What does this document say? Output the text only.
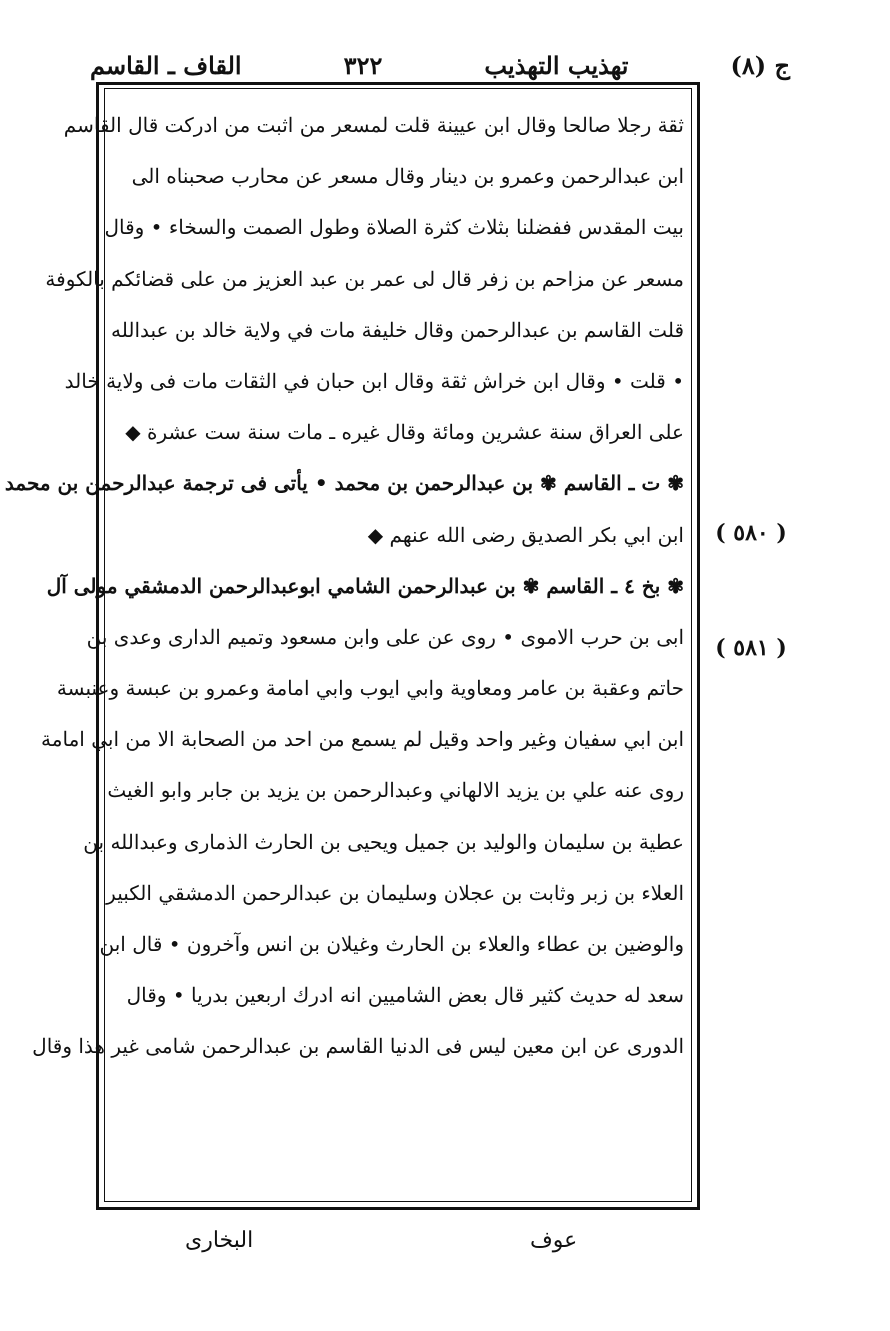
ج (٨)
تهذيب التهذيب
٣٢٢
القاف ـ القاسم
ثقة رجلا صالحا وقال ابن عيينة قلت لمسعر من اثبت من ادركت قال القاسم
ابن عبدالرحمن وعمرو بن دينار وقال مسعر عن محارب صحبناه الى
بيت المقدس ففضلنا بثلاث كثرة الصلاة وطول الصمت والسخاء • وقال
مسعر عن مزاحم بن زفر قال لى عمر بن عبد العزيز من على قضائكم بالكوفة
قلت القاسم بن عبدالرحمن وقال خليفة مات في ولاية خالد بن عبدالله
• قلت • وقال ابن خراش ثقة وقال ابن حبان في الثقات مات فى ولاية خالد
على العراق سنة عشرين ومائة وقال غيره ـ مات سنة ست عشرة ◆
✾ ت ـ القاسم ✾ بن عبدالرحمن بن محمد • يأتى فى ترجمة عبدالرحمن بن محمد
ابن ابي بكر الصديق رضى الله عنهم ◆
✾ بخ ٤ ـ القاسم ✾ بن عبدالرحمن الشامي ابوعبدالرحمن الدمشقي مولى آل
ابى بن حرب الاموى • روى عن على وابن مسعود وتميم الدارى وعدى بن
حاتم وعقبة بن عامر ومعاوية وابي ايوب وابي امامة وعمرو بن عبسة وعنبسة
ابن ابي سفيان وغير واحد وقيل لم يسمع من احد من الصحابة الا من ابي امامة
روى عنه علي بن يزيد الالهاني وعبدالرحمن بن يزيد بن جابر وابو الغيث
عطية بن سليمان والوليد بن جميل ويحيى بن الحارث الذمارى وعبدالله بن
العلاء بن زبر وثابت بن عجلان وسليمان بن عبدالرحمن الدمشقي الكبير
والوضين بن عطاء والعلاء بن الحارث وغيلان بن انس وآخرون • قال ابن
سعد له حديث كثير قال بعض الشاميين انه ادرك اربعين بدريا • وقال
الدورى عن ابن معين ليس فى الدنيا القاسم بن عبدالرحمن شامى غير هذا وقال
( ٥٨٠ )
( ٥٨١ )
عوف
البخارى
